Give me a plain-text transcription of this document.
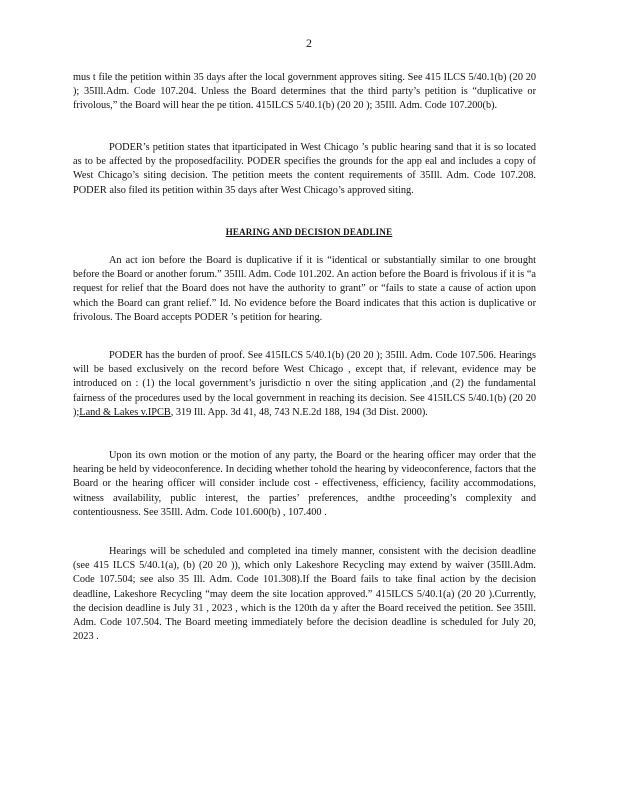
2

mus t file the petition within 35 days after the local government approves siting. See 415 ILCS 5/40.1(b) (20 20 ); 35Ill.Adm. Code 107.204. Unless the Board determines that the third party’s petition is “duplicative or frivolous,” the Board will hear the pe tition. 415ILCS 5/40.1(b) (20 20 ); 35Ill. Adm. Code 107.200(b).

PODER’s petition states that itparticipated in West Chicago ’s public hearing sand that it is so located as to be affected by the proposedfacility. PODER specifies the grounds for the app eal and includes a copy of West Chicago’s siting decision. The petition meets the content requirements of 35Ill. Adm. Code 107.208. PODER also filed its petition within 35 days after West Chicago’s approved siting.

HEARING AND DECISION DEADLINE

An act ion before the Board is duplicative if it is “identical or substantially similar to one brought before the Board or another forum.” 35Ill. Adm. Code 101.202. An action before the Board is frivolous if it is “a request for relief that the Board does not have the authority to grant” or “fails to state a cause of action upon which the Board can grant relief.” Id. No evidence before the Board indicates that this action is duplicative or frivolous. The Board accepts PODER ’s petition for hearing.

PODER has the burden of proof. See 415ILCS 5/40.1(b) (20 20 ); 35Ill. Adm. Code 107.506. Hearings will be based exclusively on the record before West Chicago , except that, if relevant, evidence may be introduced on : (1) the local government’s jurisdictio n over the siting application ,and (2) the fundamental fairness of the procedures used by the local government in reaching its decision. See 415ILCS 5/40.1(b) (20 20 );Land & Lakes v.IPCB, 319 Ill. App. 3d 41, 48, 743 N.E.2d 188, 194 (3d Dist. 2000).

Upon its own motion or the motion of any party, the Board or the hearing officer may order that the hearing be held by videoconference. In deciding whether tohold the hearing by videoconference, factors that the Board or the hearing officer will consider include cost - effectiveness, efficiency, facility accommodations, witness availability, public interest, the parties’ preferences, andthe proceeding’s complexity and contentiousness. See 35Ill. Adm. Code 101.600(b) , 107.400 .

Hearings will be scheduled and completed ina timely manner, consistent with the decision deadline (see 415 ILCS 5/40.1(a), (b) (20 20 )), which only Lakeshore Recycling may extend by waiver (35Ill.Adm. Code 107.504; see also 35 Ill. Adm. Code 101.308).If the Board fails to take final action by the decision deadline, Lakeshore Recycling “may deem the site location approved.” 415ILCS 5/40.1(a) (20 20 ).Currently, the decision deadline is July 31 , 2023 , which is the 120th da y after the Board received the petition. See 35Ill. Adm. Code 107.504. The Board meeting immediately before the decision deadline is scheduled for July 20, 2023 .
